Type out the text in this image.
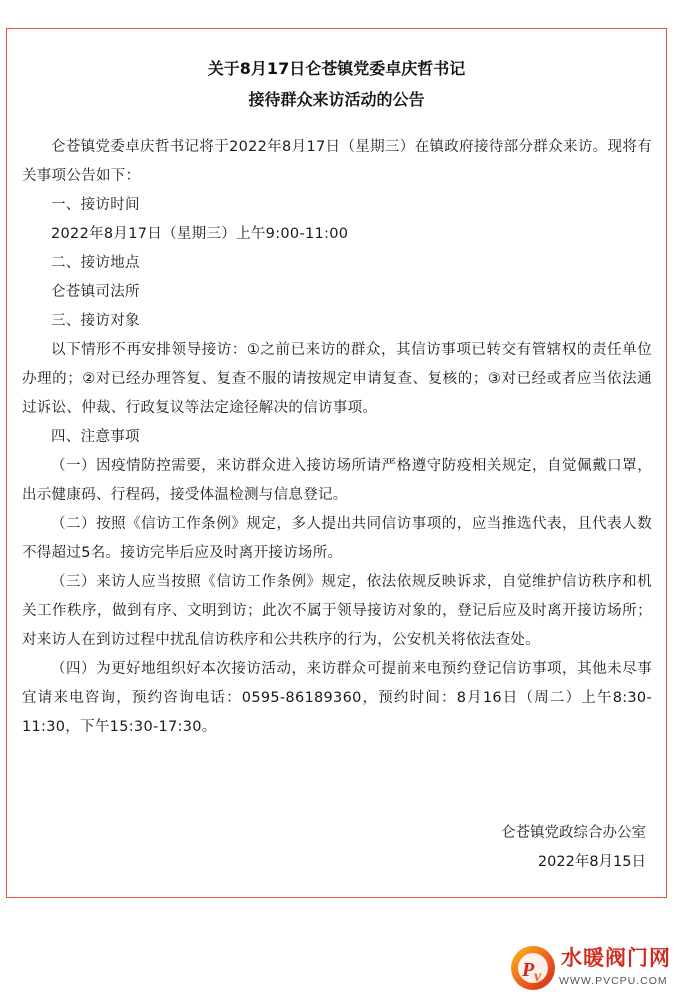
关于8月17日仑苍镇党委卓庆哲书记
接待群众来访活动的公告

仑苍镇党委卓庆哲书记将于2022年8月17日（星期三）在镇政府接待部分群众来访。现将有关事项公告如下：

一、接访时间

2022年8月17日（星期三）上午9:00-11:00

二、接访地点

仑苍镇司法所

三、接访对象

以下情形不再安排领导接访：①之前已来访的群众，其信访事项已转交有管辖权的责任单位办理的；②对已经办理答复、复查不服的请按规定申请复查、复核的；③对已经或者应当依法通过诉讼、仲裁、行政复议等法定途径解决的信访事项。

四、注意事项

（一）因疫情防控需要，来访群众进入接访场所请严格遵守防疫相关规定，自觉佩戴口罩，出示健康码、行程码，接受体温检测与信息登记。

（二）按照《信访工作条例》规定，多人提出共同信访事项的，应当推选代表，且代表人数不得超过5名。接访完毕后应及时离开接访场所。

（三）来访人应当按照《信访工作条例》规定，依法依规反映诉求，自觉维护信访秩序和机关工作秩序，做到有序、文明到访；此次不属于领导接访对象的，登记后应及时离开接访场所；对来访人在到访过程中扰乱信访秩序和公共秩序的行为，公安机关将依法查处。

（四）为更好地组织好本次接访活动，来访群众可提前来电预约登记信访事项，其他未尽事宜请来电咨询，预约咨询电话：0595-86189360，预约时间：8月16日（周二）上午8:30-11:30，下午15:30-17:30。

仑苍镇党政综合办公室
2022年8月15日
P v
水暖阀门网
WWW.PVCPU.COM
